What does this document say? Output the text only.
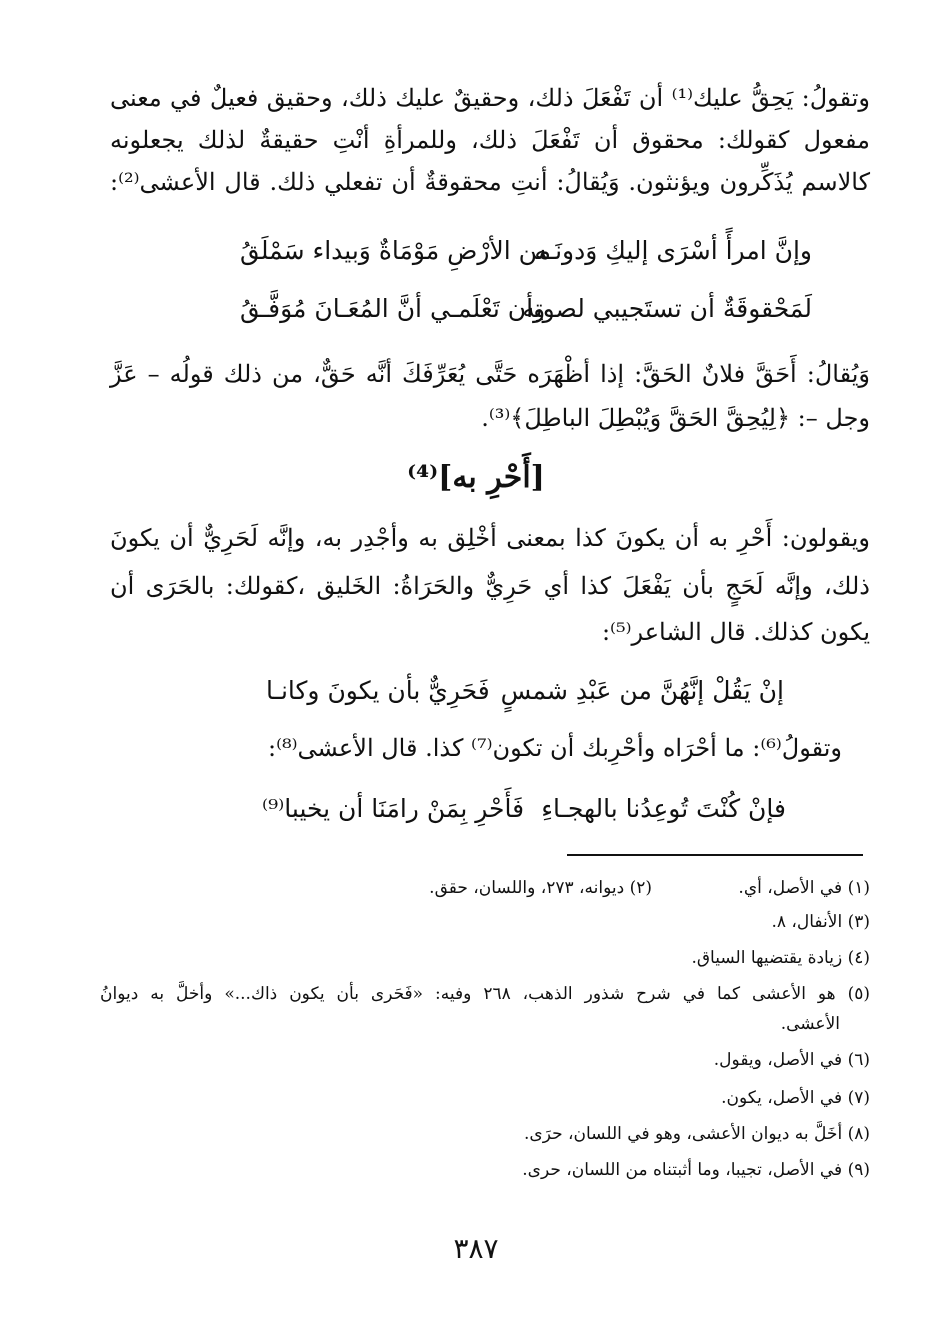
وتقولُ: يَحِقُّ عليك⁽¹⁾ أن تَفْعَلَ ذلك، وحقيقٌ عليك ذلك، وحقيق فعيلٌ في معنى
مفعول كقولك: محقوق أن تَفْعَلَ ذلك، وللمرأةِ أنْتِ حقيقةٌ لذلك يجعلونه
كالاسم يُذَكِّرون ويؤنثون. وَيُقالُ: أنتِ محقوقةٌ أن تفعلي ذلك. قال الأعشى⁽²⁾:
وإنَّ امرأً أسْرَى إليكِ وَدونَـه
من الأرْضِ مَوْمَاةٌ وَبيداء سَمْلَقُ
لَمَحْقوقَةٌ أن تستَجيبي لصوتِه
وأن تَعْلَمـي أنَّ المُعَـانَ مُوَفَّـقُ
وَيُقالُ: أَحَقَّ فلانٌ الحَقَّ: إذا أظْهَرَه حَتَّى يُعَرِّفَكَ أنَّه حَقٌّ، من ذلك قولُه – عَزَّ
وجل –: ﴿لِيُحِقَّ الحَقَّ وَيُبْطِلَ الباطِلَ﴾⁽³⁾.
[أَحْرِ به]⁽⁴⁾
ويقولون: أَحْرِ به أن يكونَ كذا بمعنى أخْلِق به وأجْدِر به، وإنَّه لَحَرِيٌّ أن يكونَ
ذلك، وإنَّه لَحَجٍ بأن يَفْعَلَ كذا أي حَرِيٌّ والحَرَاةُ: الخَليق ،كقولك: بالحَرَى أن
يكون كذلك. قال الشاعر⁽⁵⁾:
إنْ يَقُلْ إنَّهُنَّ من عَبْدِ شمسٍ
فَحَرِيٌّ بأن يكونَ وكانـا
وتقولُ⁽⁶⁾: ما أحْرَاه وأحْرِبك أن تكون⁽⁷⁾ كذا. قال الأعشى⁽⁸⁾:
فإنْ كُنْتَ تُوعِدُنا بالهجـاءِ
فَأَحْرِ بِمَنْ رامَنَا أن يخيبا⁽⁹⁾
(١) في الأصل، أي.
(٢) ديوانه، ٢٧٣، واللسان، حقق.
(٣) الأنفال، ٨.
(٤) زيادة يقتضيها السياق.
(٥) هو الأعشى كما في شرح شذور الذهب، ٢٦٨ وفيه: «فَحَرى بأن يكون ذاك...» وأخلَّ به ديوانُ
الأعشى.
(٦) في الأصل، ويقول.
(٧) في الأصل، يكون.
(٨) أخَلَّ به ديوان الأعشى، وهو في اللسان، حرَى.
(٩) في الأصل، تجيبا، وما أثبتناه من اللسان، حرى.
٣٨٧
